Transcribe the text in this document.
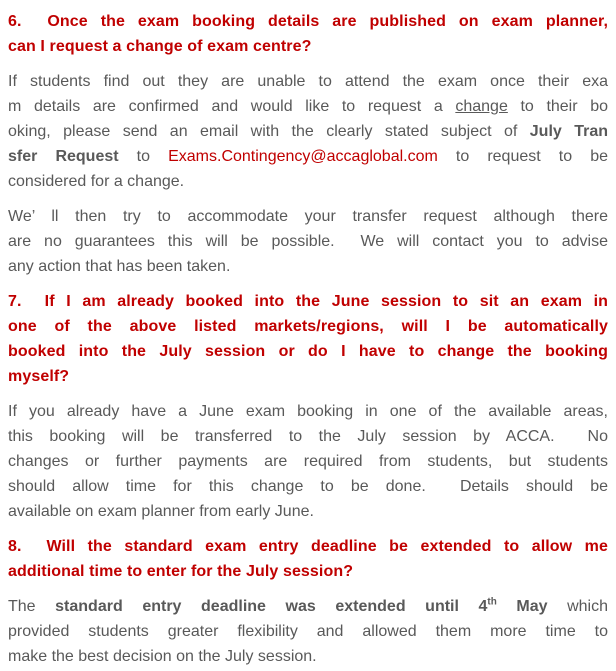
6.  Once the exam booking details are published on exam planner,
can I request a change of exam centre?
If students find out they are unable to attend the exam once their exa
m details are confirmed and would like to request a change to their bo
oking, please send an email with the clearly stated subject of July Tran
sfer Request to Exams.Contingency@accaglobal.com to request to be
considered for a change.
We’ ll then try to accommodate your transfer request although there
are no guarantees this will be possible.  We will contact you to advise
any action that has been taken.
7.  If I am already booked into the June session to sit an exam in
one of the above listed markets/regions, will I be automatically
booked into the July session or do I have to change the booking
myself?
If you already have a June exam booking in one of the available areas,
this booking will be transferred to the July session by ACCA.  No
changes or further payments are required from students, but students
should allow time for this change to be done.  Details should be
available on exam planner from early June.
8.  Will the standard exam entry deadline be extended to allow me
additional time to enter for the July session?
The standard entry deadline was extended until 4th May which
provided students greater flexibility and allowed them more time to
make the best decision on the July session.
